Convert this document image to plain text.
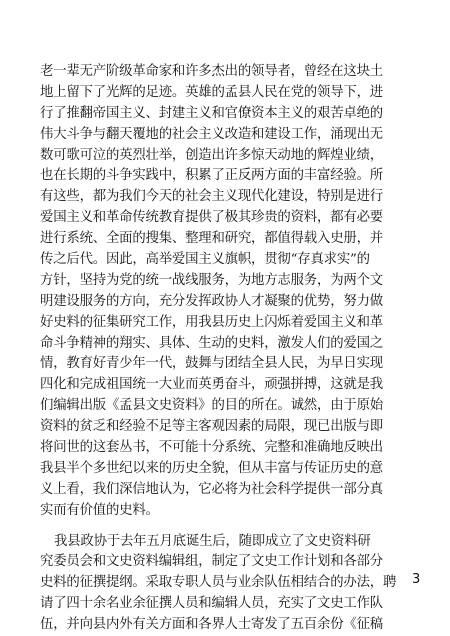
老一辈无产阶级革命家和许多杰出的领导者，曾经在这块土
地上留下了光辉的足迹。英雄的孟县人民在党的领导下，进
行了推翻帝国主义、封建主义和官僚资本主义的艰苦卓绝的
伟大斗争与翻天覆地的社会主义改造和建设工作，涌现出无
数可歌可泣的英烈壮举，创造出许多惊天动地的辉煌业绩，
也在长期的斗争实践中，积累了正反两方面的丰富经验。所
有这些，都为我们今天的社会主义现代化建设，特别是进行
爱国主义和革命传统教育提供了极其珍贵的资料，都有必要
进行系统、全面的搜集、整理和研究，都值得载入史册，并
传之后代。因此，高举爱国主义旗帜，贯彻“存真求实”的
方针，坚持为党的统一战线服务，为地方志服务，为两个文
明建设服务的方向，充分发挥政协人才凝聚的优势，努力做
好史料的征集研究工作，用我县历史上闪烁着爱国主义和革
命斗争精神的翔实、具体、生动的史料，激发人们的爱国之
情，教育好青少年一代，鼓舞与团结全县人民，为早日实现
四化和完成祖国统一大业而英勇奋斗，顽强拼搏，这就是我
们编辑出版《孟县文史资料》的目的所在。诚然，由于原始
资料的贫乏和经验不足等主客观因素的局限，现已出版与即
将问世的这套丛书，不可能十分系统、完整和准确地反映出
我县半个多世纪以来的历史全貌，但从丰富与传证历史的意
义上看，我们深信地认为，它必将为社会科学提供一部分真
实而有价值的史料。
我县政协于去年五月底诞生后，随即成立了文史资料研
究委员会和文史资料编辑组，制定了文史工作计划和各部分
史料的征撰提纲。采取专职人员与业余队伍相结合的办法，聘
请了四十余名业余征撰人员和编辑人员，充实了文史工作队
伍，并向县内外有关方面和各界人士寄发了五百余份《征稿
3
